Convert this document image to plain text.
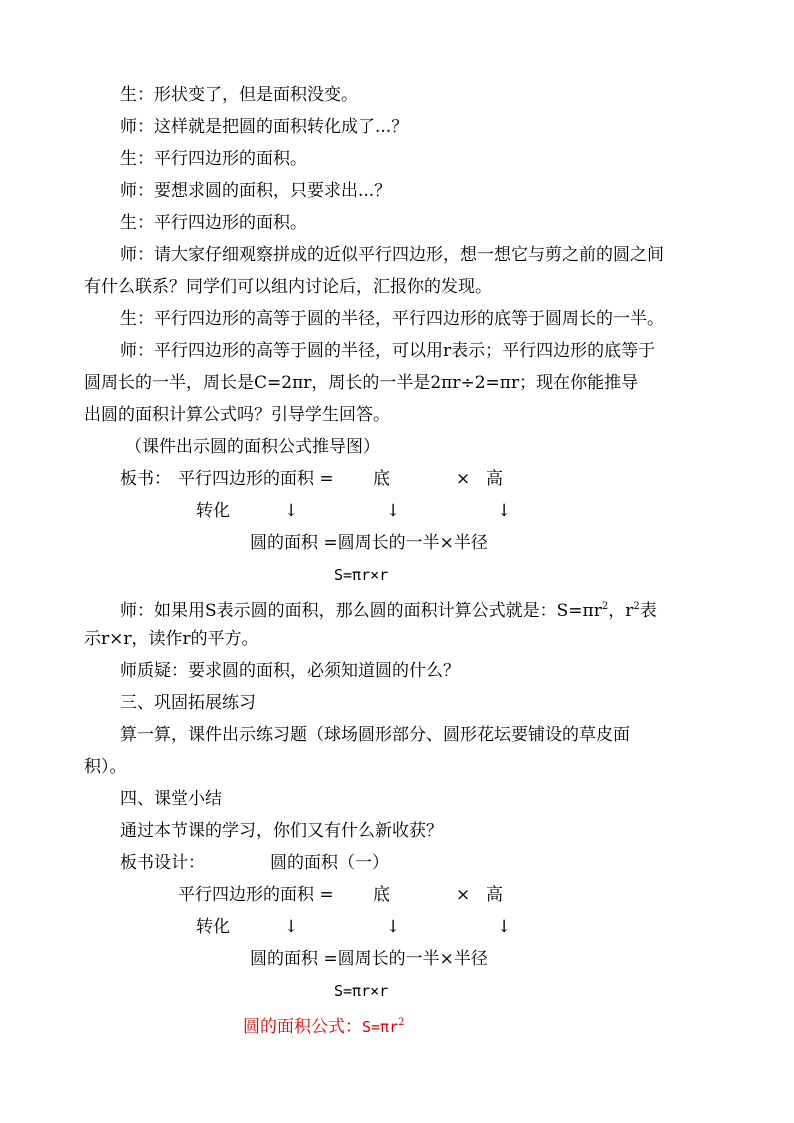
生：形状变了，但是面积没变。
师：这样就是把圆的面积转化成了...？
生：平行四边形的面积。
师：要想求圆的面积，只要求出...？
生：平行四边形的面积。
师：请大家仔细观察拼成的近似平行四边形，想一想它与剪之前的圆之间
有什么联系？同学们可以组内讨论后，汇报你的发现。
生：平行四边形的高等于圆的半径，平行四边形的底等于圆周长的一半。
师：平行四边形的高等于圆的半径，可以用r表示；平行四边形的底等于
圆周长的一半，周长是C=2πr，周长的一半是2πr÷2=πr；现在你能推导
出圆的面积计算公式吗？引导学生回答。
（课件出示圆的面积公式推导图）
板书： 平行四边形的面积 = 底	× 高
转化	↓	↓	↓
圆的面积 =圆周长的一半×半径
S=πr×r
师：如果用S表示圆的面积，那么圆的面积计算公式就是：$S=\pi r^2$，$r^2$表
示r×r，读作r的平方。
师质疑：要求圆的面积，必须知道圆的什么？
三、巩固拓展练习
算一算，课件出示练习题（球场圆形部分、圆形花坛要铺设的草皮面
积）。
四、课堂小结
通过本节课的学习，你们又有什么新收获？
板书设计：	圆的面积（一）
平行四边形的面积 = 底	× 高
转化	↓	↓	↓
圆的面积 =圆周长的一半×半径
S=πr×r
圆的面积公式：$S=\pi r^2$
